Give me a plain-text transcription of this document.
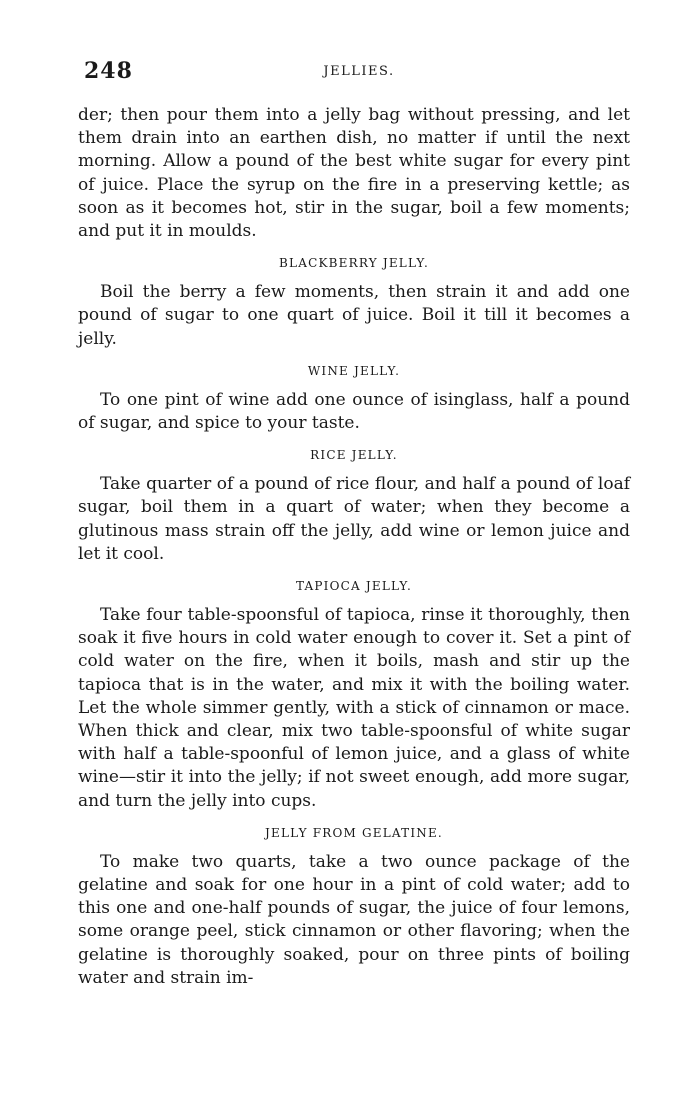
248	JELLIES.

der; then pour them into a jelly bag without pressing, and let them drain into an earthen dish, no matter if until the next morning. Allow a pound of the best white sugar for every pint of juice. Place the syrup on the fire in a preserving kettle; as soon as it becomes hot, stir in the sugar, boil a few moments; and put it in moulds.

BLACKBERRY JELLY.

Boil the berry a few moments, then strain it and add one pound of sugar to one quart of juice. Boil it till it becomes a jelly.

WINE JELLY.

To one pint of wine add one ounce of isinglass, half a pound of sugar, and spice to your taste.

RICE JELLY.

Take quarter of a pound of rice flour, and half a pound of loaf sugar, boil them in a quart of water; when they become a glutinous mass strain off the jelly, add wine or lemon juice and let it cool.

TAPIOCA JELLY.

Take four table-spoonsful of tapioca, rinse it thoroughly, then soak it five hours in cold water enough to cover it. Set a pint of cold water on the fire, when it boils, mash and stir up the tapioca that is in the water, and mix it with the boiling water. Let the whole simmer gently, with a stick of cinnamon or mace. When thick and clear, mix two table-spoonsful of white sugar with half a table-spoonful of lemon juice, and a glass of white wine—stir it into the jelly; if not sweet enough, add more sugar, and turn the jelly into cups.

JELLY FROM GELATINE.

To make two quarts, take a two ounce package of the gelatine and soak for one hour in a pint of cold water; add to this one and one-half pounds of sugar, the juice of four lemons, some orange peel, stick cinnamon or other flavoring; when the gelatine is thoroughly soaked, pour on three pints of boiling water and strain im-
